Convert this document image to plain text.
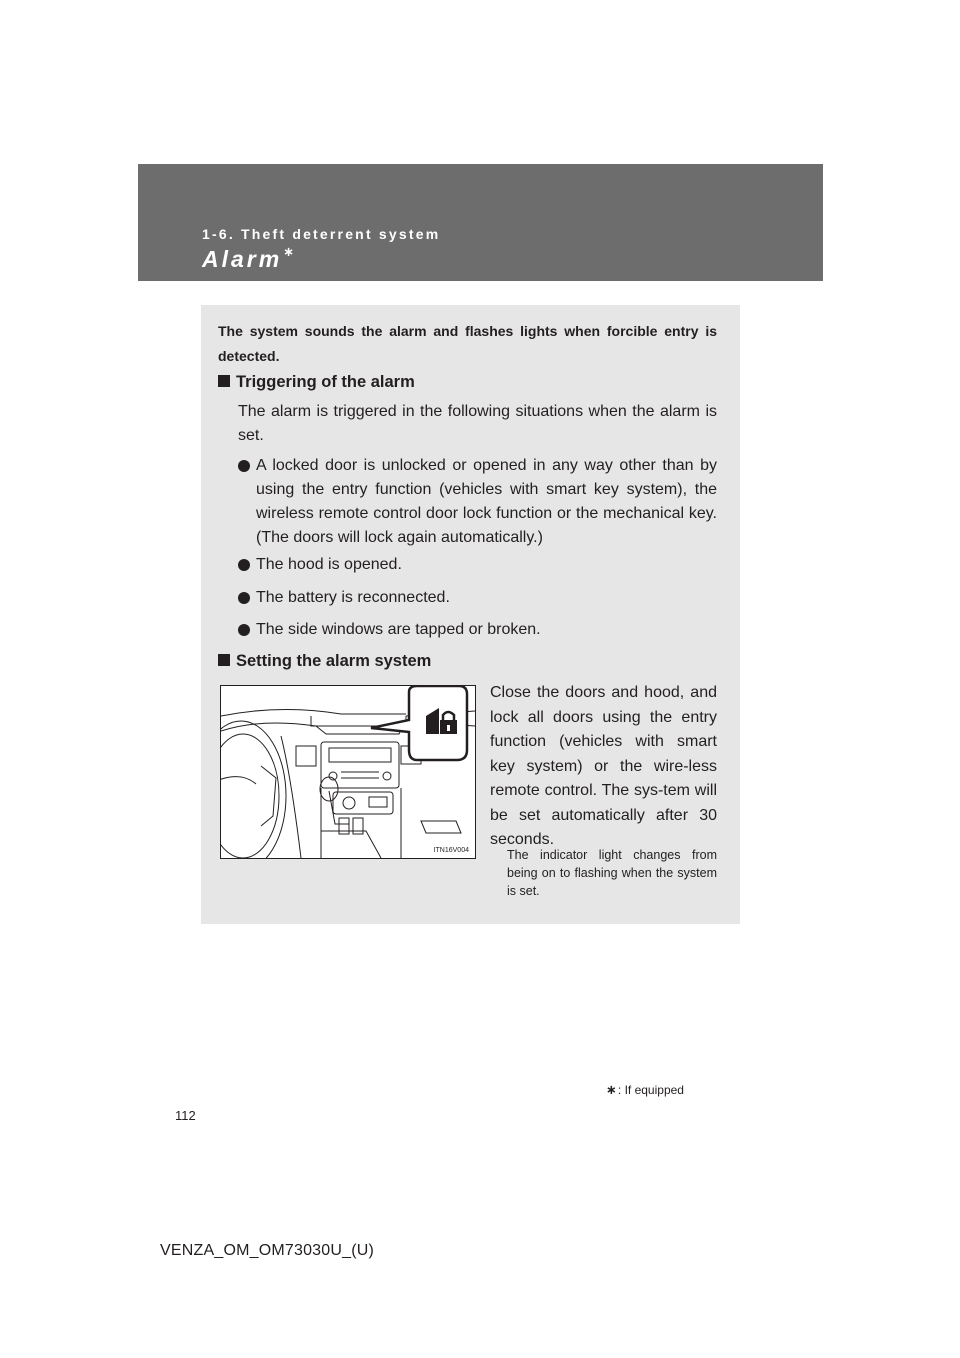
1-6. Theft deterrent system

Alarm∗

The system sounds the alarm and flashes lights when forcible entry is detected.

Triggering of the alarm

The alarm is triggered in the following situations when the alarm is set.

A locked door is unlocked or opened in any way other than by using the entry function (vehicles with smart key system), the wireless remote control door lock function or the mechanical key. (The doors will lock again automatically.)
The hood is opened.
The battery is reconnected.
The side windows are tapped or broken.
Setting the alarm system
ITN16V004

Close the doors and hood, and lock all doors using the entry function (vehicles with smart key system) or the wire-less remote control. The sys-tem will be set automatically after 30 seconds.

The indicator light changes from being on to flashing when the system is set.

∗: If equipped
112
VENZA_OM_OM73030U_(U)
